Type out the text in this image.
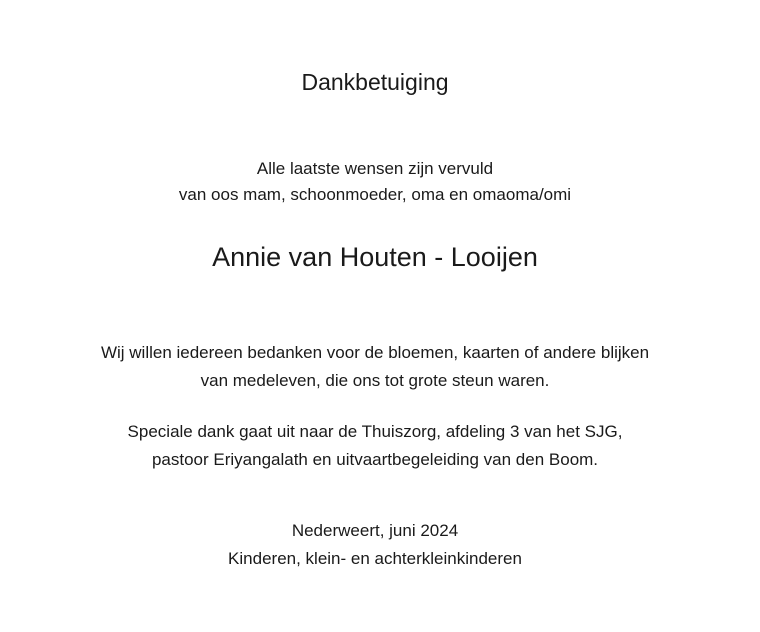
Dankbetuiging
Alle laatste wensen zijn vervuld
van oos mam, schoonmoeder, oma en omaoma/omi
Annie van Houten - Looijen
Wij willen iedereen bedanken voor de bloemen, kaarten of andere blijken
van medeleven, die ons tot grote steun waren.
Speciale dank gaat uit naar de Thuiszorg, afdeling 3 van het SJG,
pastoor Eriyangalath en uitvaartbegeleiding van den Boom.
Nederweert, juni 2024
Kinderen, klein- en achterkleinkinderen
